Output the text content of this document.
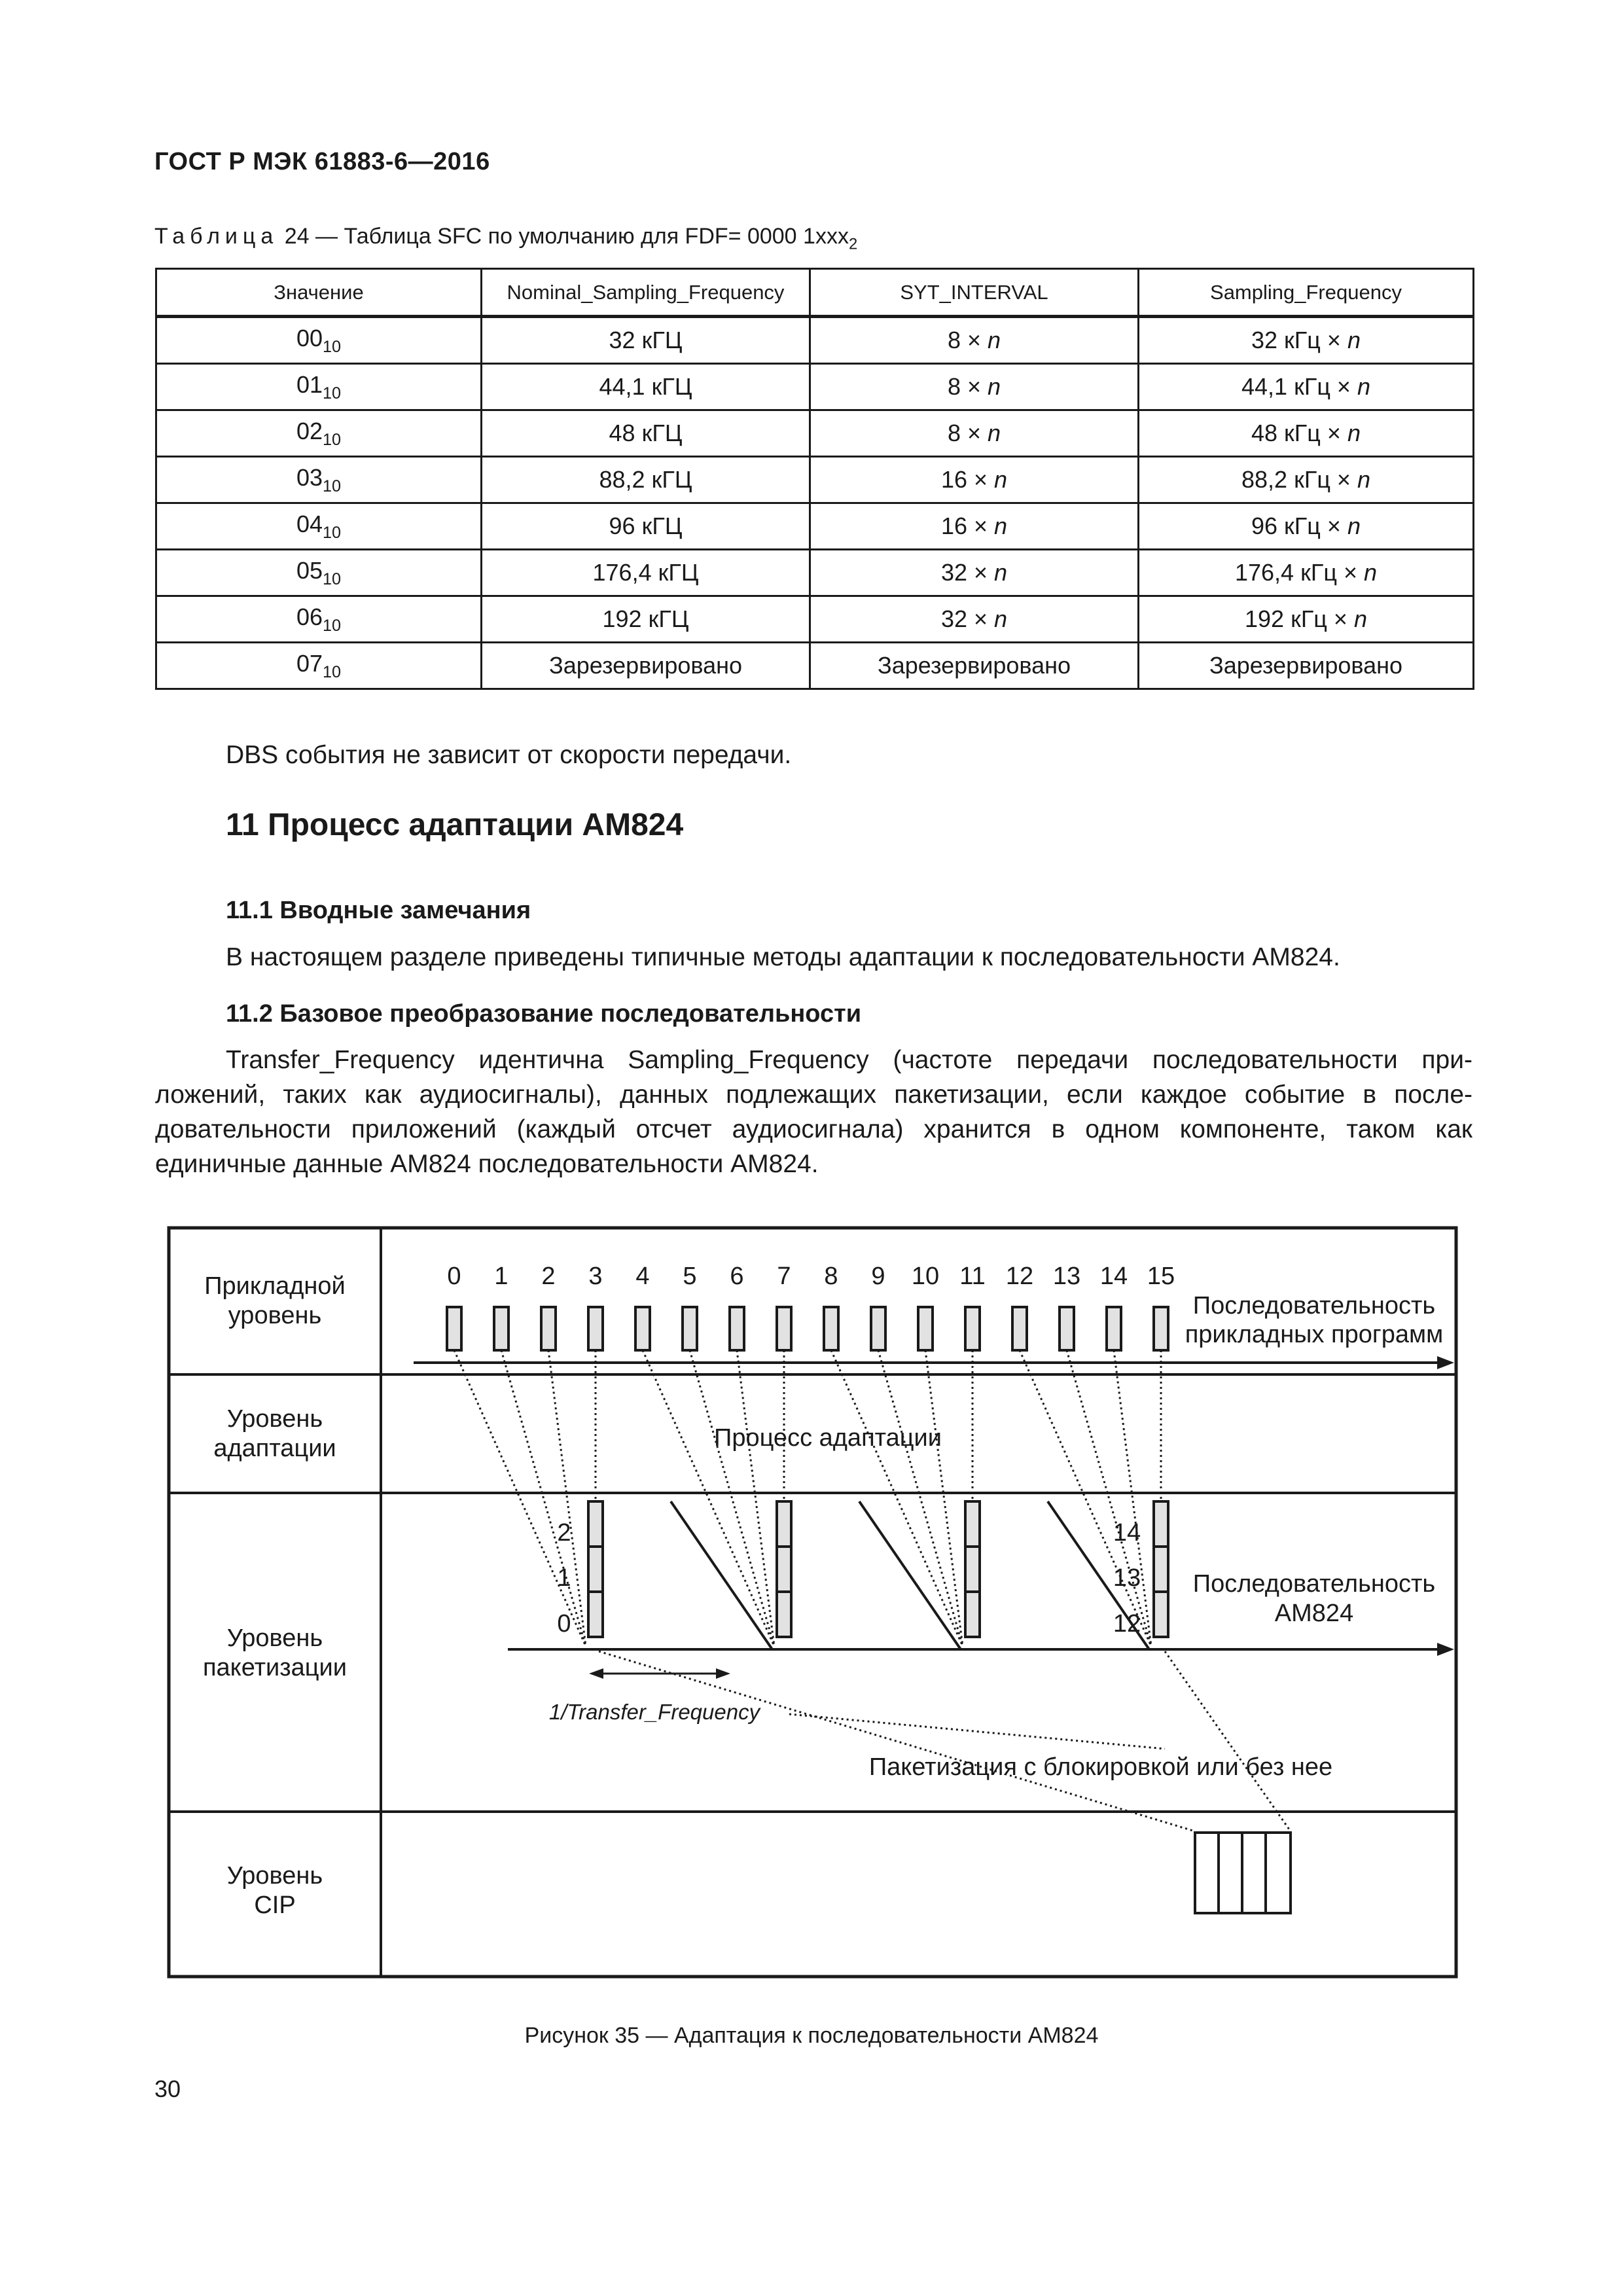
ГОСТ Р МЭК 61883-6—2016
Таблица 24 — Таблица SFC по умолчанию для FDF= 0000 1xxx$_2$
Значение	Nominal_Sampling_Frequency	SYT_INTERVAL	Sampling_Frequency
$00_{10}$	32 кГЦ	8 × n	32 кГц × n
$01_{10}$	44,1 кГЦ	8 × n	44,1 кГц × n
$02_{10}$	48 кГЦ	8 × n	48 кГц × n
$03_{10}$	88,2 кГЦ	16 × n	88,2 кГц × n
$04_{10}$	96 кГЦ	16 × n	96 кГц × n
$05_{10}$	176,4 кГЦ	32 × n	176,4 кГц × n
$06_{10}$	192 кГЦ	32 × n	192 кГц × n
$07_{10}$	Зарезервировано	Зарезервировано	Зарезервировано
DBS события не зависит от скорости передачи.
11 Процесс адаптации AM824
11.1 Вводные замечания
В настоящем разделе приведены типичные методы адаптации к последовательности AM824.
11.2 Базовое преобразование последовательности
Transfer_Frequency идентична Sampling_Frequency (частоте передачи последовательности при-
ложений, таких как аудиосигналы), данных подлежащих пакетизации, если каждое событие в после-
довательности приложений (каждый отсчет аудиосигнала) хранится в одном компоненте, таком как
единичные данные AM824 последовательности AM824.
Прикладной
уровень
Уровень
адаптации
Уровень
пакетизации
Уровень
CIP
0 1 2 3 4 5 6 7 8 9 10 11 12 13 14 15
Последовательность
прикладных программ
Процесс адаптации
2
1
0
14
13
12
Последовательность
AM824
1/Transfer_Frequency
Пакетизация с блокировкой или без нее
Рисунок 35 — Адаптация к последовательности AM824
30
